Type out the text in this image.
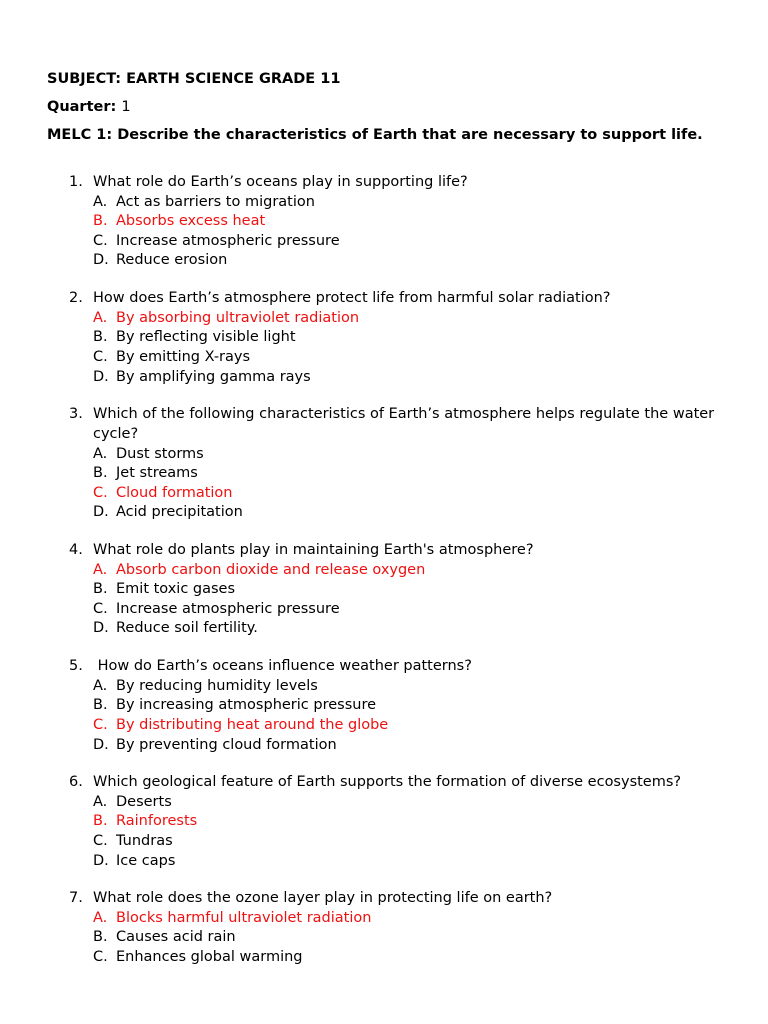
SUBJECT: EARTH SCIENCE GRADE 11
Quarter: 1
MELC 1: Describe the characteristics of Earth that are necessary to support life.
1. What role do Earth’s oceans play in supporting life?
A. Act as barriers to migration
B. Absorbs excess heat
C. Increase atmospheric pressure
D. Reduce erosion
2. How does Earth’s atmosphere protect life from harmful solar radiation?
A. By absorbing ultraviolet radiation
B. By reflecting visible light
C. By emitting X-rays
D. By amplifying gamma rays
3. Which of the following characteristics of Earth’s atmosphere helps regulate the water cycle?
A. Dust storms
B. Jet streams
C. Cloud formation
D. Acid precipitation
4. What role do plants play in maintaining Earth's atmosphere?
A. Absorb carbon dioxide and release oxygen
B. Emit toxic gases
C. Increase atmospheric pressure
D. Reduce soil fertility.
5. How do Earth’s oceans influence weather patterns?
A. By reducing humidity levels
B. By increasing atmospheric pressure
C. By distributing heat around the globe
D. By preventing cloud formation
6. Which geological feature of Earth supports the formation of diverse ecosystems?
A. Deserts
B. Rainforests
C. Tundras
D. Ice caps
7. What role does the ozone layer play in protecting life on earth?
A. Blocks harmful ultraviolet radiation
B. Causes acid rain
C. Enhances global warming
